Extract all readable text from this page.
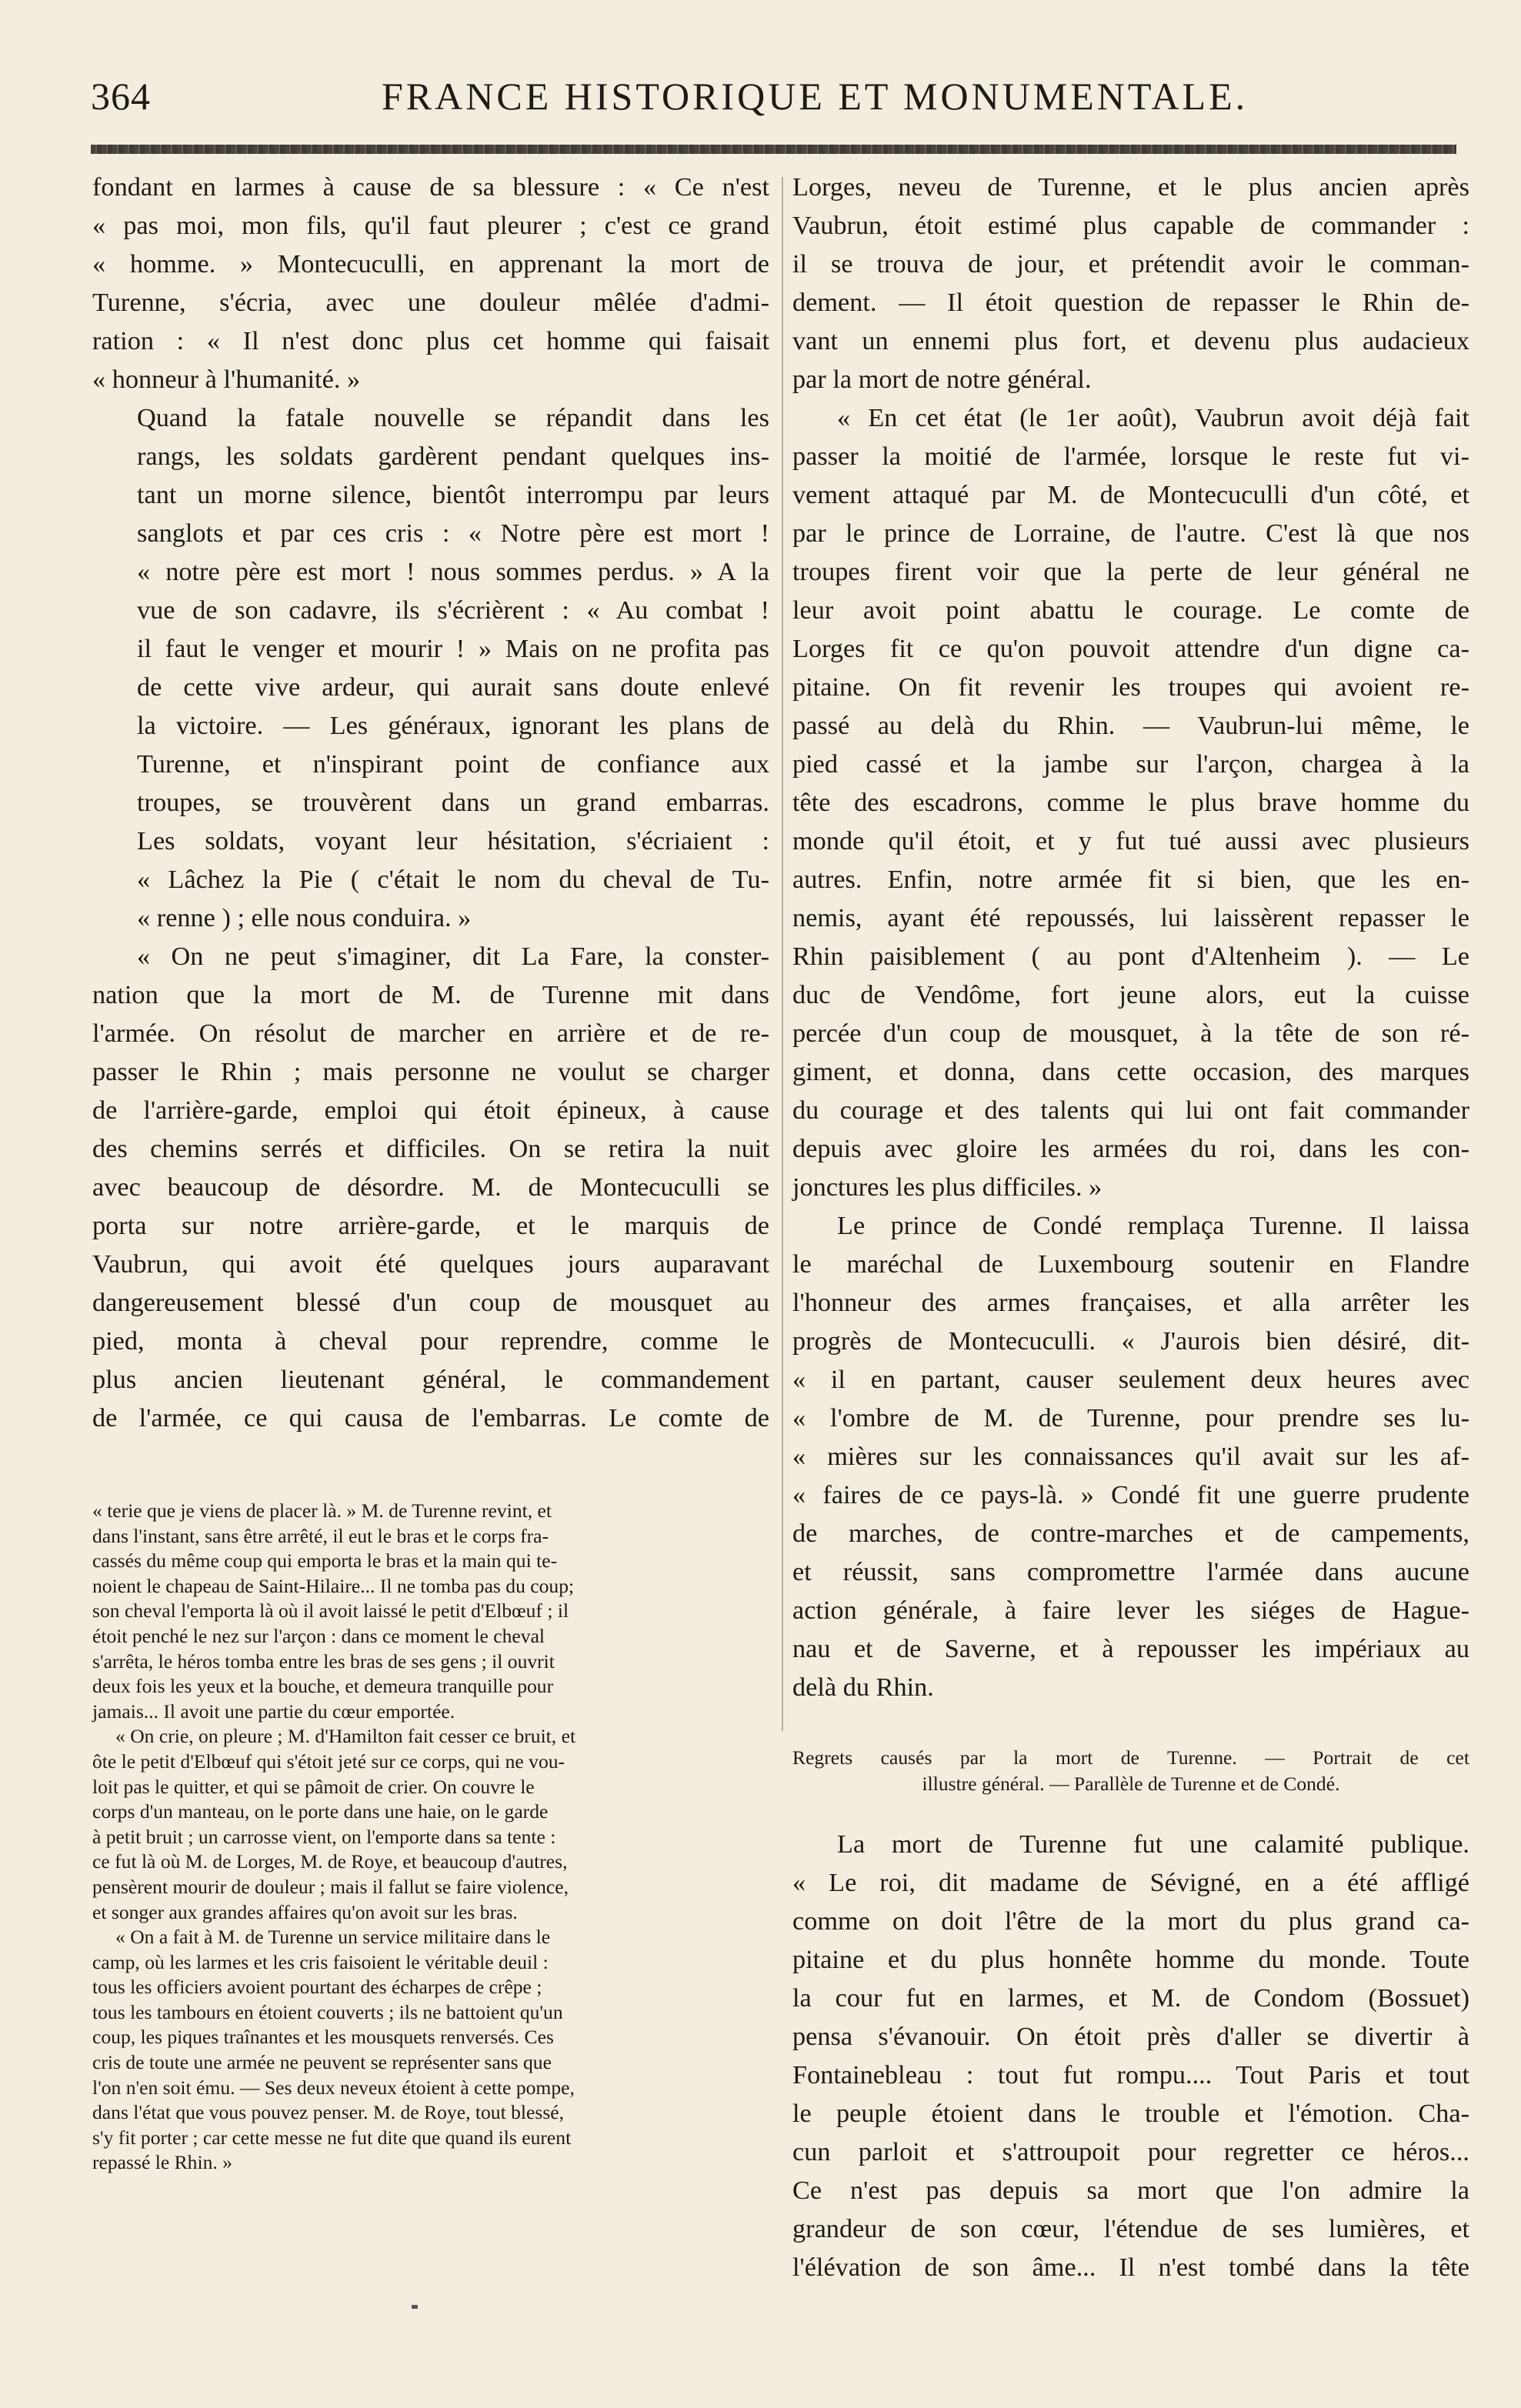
364	FRANCE HISTORIQUE ET MONUMENTALE.

fondant en larmes à cause de sa blessure : « Ce n'est
« pas moi, mon fils, qu'il faut pleurer ; c'est ce grand
« homme. » Montecuculli, en apprenant la mort de
Turenne, s'écria, avec une douleur mêlée d'admi-
ration : « Il n'est donc plus cet homme qui faisait
« honneur à l'humanité. »

Quand la fatale nouvelle se répandit dans les
rangs, les soldats gardèrent pendant quelques ins-
tant un morne silence, bientôt interrompu par leurs
sanglots et par ces cris : « Notre père est mort !
« notre père est mort ! nous sommes perdus. » A la
vue de son cadavre, ils s'écrièrent : « Au combat !
il faut le venger et mourir ! » Mais on ne profita pas
de cette vive ardeur, qui aurait sans doute enlevé
la victoire. — Les généraux, ignorant les plans de
Turenne, et n'inspirant point de confiance aux
troupes, se trouvèrent dans un grand embarras.
Les soldats, voyant leur hésitation, s'écriaient :
« Lâchez la Pie ( c'était le nom du cheval de Tu-
« renne ) ; elle nous conduira. »

« On ne peut s'imaginer, dit La Fare, la conster-
nation que la mort de M. de Turenne mit dans
l'armée. On résolut de marcher en arrière et de re-
passer le Rhin ; mais personne ne voulut se charger
de l'arrière-garde, emploi qui étoit épineux, à cause
des chemins serrés et difficiles. On se retira la nuit
avec beaucoup de désordre. M. de Montecuculli se
porta sur notre arrière-garde, et le marquis de
Vaubrun, qui avoit été quelques jours auparavant
dangereusement blessé d'un coup de mousquet au
pied, monta à cheval pour reprendre, comme le
plus ancien lieutenant général, le commandement
de l'armée, ce qui causa de l'embarras. Le comte de

« terie que je viens de placer là. » M. de Turenne revint, et
dans l'instant, sans être arrêté, il eut le bras et le corps fra-
cassés du même coup qui emporta le bras et la main qui te-
noient le chapeau de Saint-Hilaire... Il ne tomba pas du coup;
son cheval l'emporta là où il avoit laissé le petit d'Elbœuf ; il
étoit penché le nez sur l'arçon : dans ce moment le cheval
s'arrêta, le héros tomba entre les bras de ses gens ; il ouvrit
deux fois les yeux et la bouche, et demeura tranquille pour
jamais... Il avoit une partie du cœur emportée.

« On crie, on pleure ; M. d'Hamilton fait cesser ce bruit, et
ôte le petit d'Elbœuf qui s'étoit jeté sur ce corps, qui ne vou-
loit pas le quitter, et qui se pâmoit de crier. On couvre le
corps d'un manteau, on le porte dans une haie, on le garde
à petit bruit ; un carrosse vient, on l'emporte dans sa tente :
ce fut là où M. de Lorges, M. de Roye, et beaucoup d'autres,
pensèrent mourir de douleur ; mais il fallut se faire violence,
et songer aux grandes affaires qu'on avoit sur les bras.

« On a fait à M. de Turenne un service militaire dans le
camp, où les larmes et les cris faisoient le véritable deuil :
tous les officiers avoient pourtant des écharpes de crêpe ;
tous les tambours en étoient couverts ; ils ne battoient qu'un
coup, les piques traînantes et les mousquets renversés. Ces
cris de toute une armée ne peuvent se représenter sans que
l'on n'en soit ému. — Ses deux neveux étoient à cette pompe,
dans l'état que vous pouvez penser. M. de Roye, tout blessé,
s'y fit porter ; car cette messe ne fut dite que quand ils eurent
repassé le Rhin. »

Lorges, neveu de Turenne, et le plus ancien après
Vaubrun, étoit estimé plus capable de commander :
il se trouva de jour, et prétendit avoir le comman-
dement. — Il étoit question de repasser le Rhin de-
vant un ennemi plus fort, et devenu plus audacieux
par la mort de notre général.

« En cet état (le 1er août), Vaubrun avoit déjà fait
passer la moitié de l'armée, lorsque le reste fut vi-
vement attaqué par M. de Montecuculli d'un côté, et
par le prince de Lorraine, de l'autre. C'est là que nos
troupes firent voir que la perte de leur général ne
leur avoit point abattu le courage. Le comte de
Lorges fit ce qu'on pouvoit attendre d'un digne ca-
pitaine. On fit revenir les troupes qui avoient re-
passé au delà du Rhin. — Vaubrun-lui même, le
pied cassé et la jambe sur l'arçon, chargea à la
tête des escadrons, comme le plus brave homme du
monde qu'il étoit, et y fut tué aussi avec plusieurs
autres. Enfin, notre armée fit si bien, que les en-
nemis, ayant été repoussés, lui laissèrent repasser le
Rhin paisiblement ( au pont d'Altenheim ). — Le
duc de Vendôme, fort jeune alors, eut la cuisse
percée d'un coup de mousquet, à la tête de son ré-
giment, et donna, dans cette occasion, des marques
du courage et des talents qui lui ont fait commander
depuis avec gloire les armées du roi, dans les con-
jonctures les plus difficiles. »

Le prince de Condé remplaça Turenne. Il laissa
le maréchal de Luxembourg soutenir en Flandre
l'honneur des armes françaises, et alla arrêter les
progrès de Montecuculli. « J'aurois bien désiré, dit-
« il en partant, causer seulement deux heures avec
« l'ombre de M. de Turenne, pour prendre ses lu-
« mières sur les connaissances qu'il avait sur les af-
« faires de ce pays-là. » Condé fit une guerre prudente
de marches, de contre-marches et de campements,
et réussit, sans compromettre l'armée dans aucune
action générale, à faire lever les siéges de Hague-
nau et de Saverne, et à repousser les impériaux au
delà du Rhin.

Regrets causés par la mort de Turenne. — Portrait de cet
illustre général. — Parallèle de Turenne et de Condé.

La mort de Turenne fut une calamité publique.
« Le roi, dit madame de Sévigné, en a été affligé
comme on doit l'être de la mort du plus grand ca-
pitaine et du plus honnête homme du monde. Toute
la cour fut en larmes, et M. de Condom (Bossuet)
pensa s'évanouir. On étoit près d'aller se divertir à
Fontainebleau : tout fut rompu.... Tout Paris et tout
le peuple étoient dans le trouble et l'émotion. Cha-
cun parloit et s'attroupoit pour regretter ce héros...
Ce n'est pas depuis sa mort que l'on admire la
grandeur de son cœur, l'étendue de ses lumières, et
l'élévation de son âme... Il n'est tombé dans la tête
